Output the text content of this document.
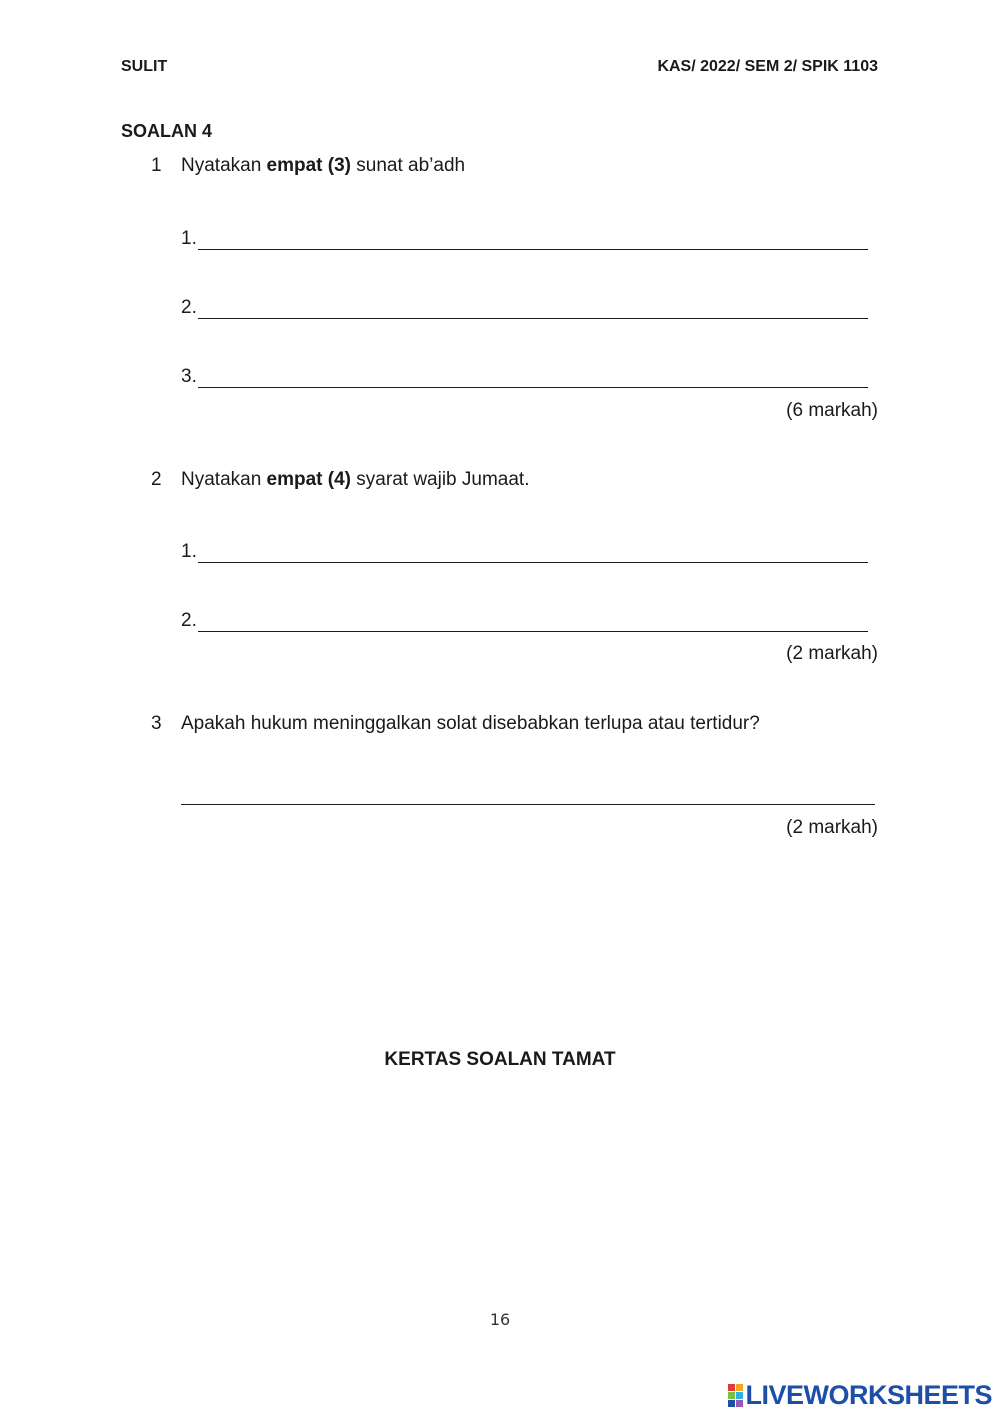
SULIT	KAS/ 2022/ SEM 2/ SPIK 1103
SOALAN 4
1 Nyatakan empat (3) sunat ab’adh
1.
2.
3.
(6 markah)
2 Nyatakan empat (4) syarat wajib Jumaat.
1.
2.
(2 markah)
3 Apakah hukum meninggalkan solat disebabkan terlupa atau tertidur?
(2 markah)
KERTAS SOALAN TAMAT
16
LIVEWORKSHEETS
